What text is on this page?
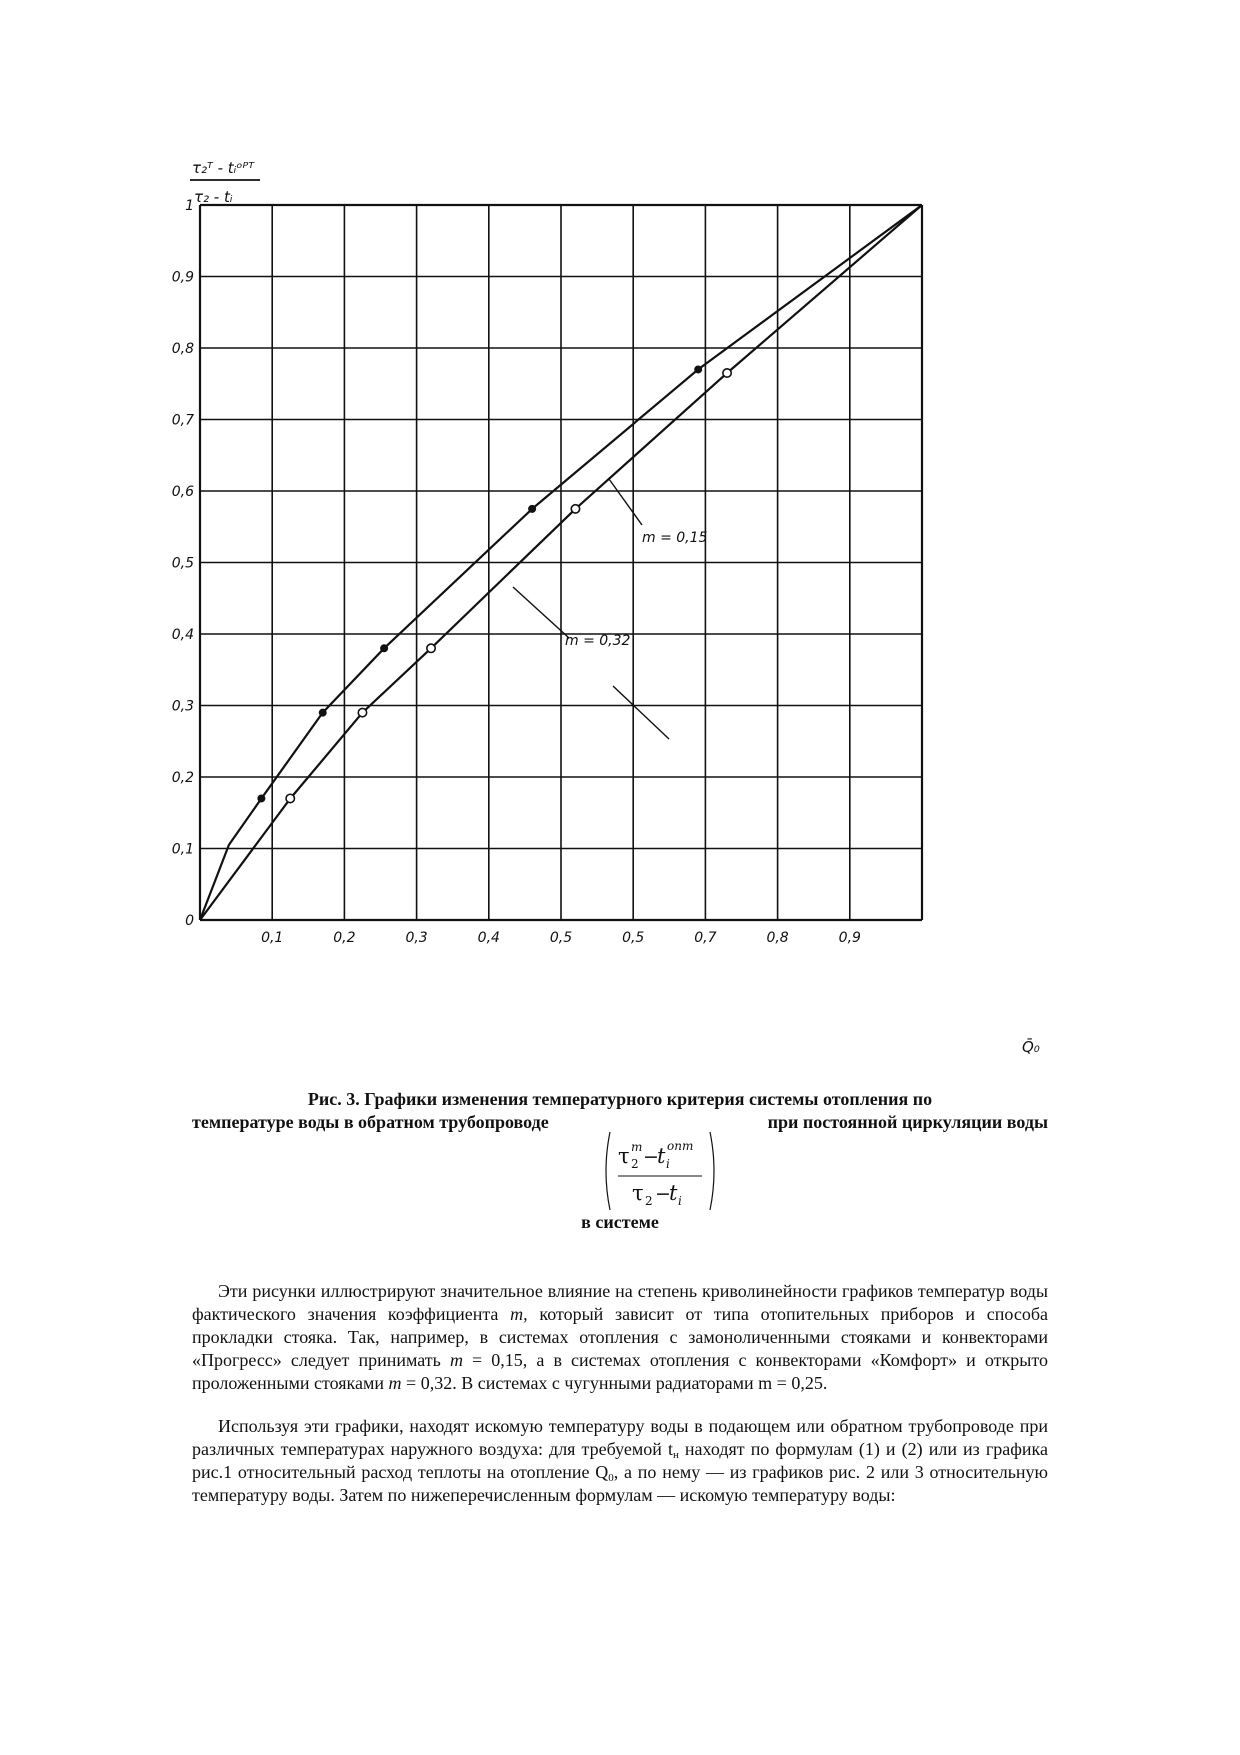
τ₂ᵀ - tᵢᵒᴾᵀ
τ₂ - tᵢ
Q̄₀
0
0,1
0,2
0,3
0,4
0,5
0,6
0,7
0,8
0,9
1
0,1	0,2	0,3	0,4	0,5	0,5	0,7	0,8	0,9
m = 0,32
m = 0,15
Рис. 3. Графики изменения температурного критерия системы отопления по
температуре воды в обратном трубопроводе	при постоянной циркуляции воды
τ 2
m −
t i
опт
τ 2 −
t i
в системе

Эти рисунки иллюстрируют значительное влияние на степень криволинейности графиков температур воды фактического значения коэффициента m, который зависит от типа отопительных приборов и способа прокладки стояка. Так, например, в системах отопления с замоноличенными стояками и конвекторами «Прогресс» следует принимать m = 0,15, а в системах отопления с конвекторами «Комфорт» и открыто проложенными стояками m = 0,32. В системах с чугунными радиаторами m = 0,25.

Используя эти графики, находят искомую температуру воды в подающем или обратном трубопроводе при различных температурах наружного воздуха: для требуемой $t_н$ находят по формулам (1) и (2) или из графика рис.1 относительный расход теплоты на отопление $Q_0$, а по нему — из графиков рис. 2 или 3 относительную температуру воды. Затем по нижеперечисленным формулам — искомую температуру воды:
